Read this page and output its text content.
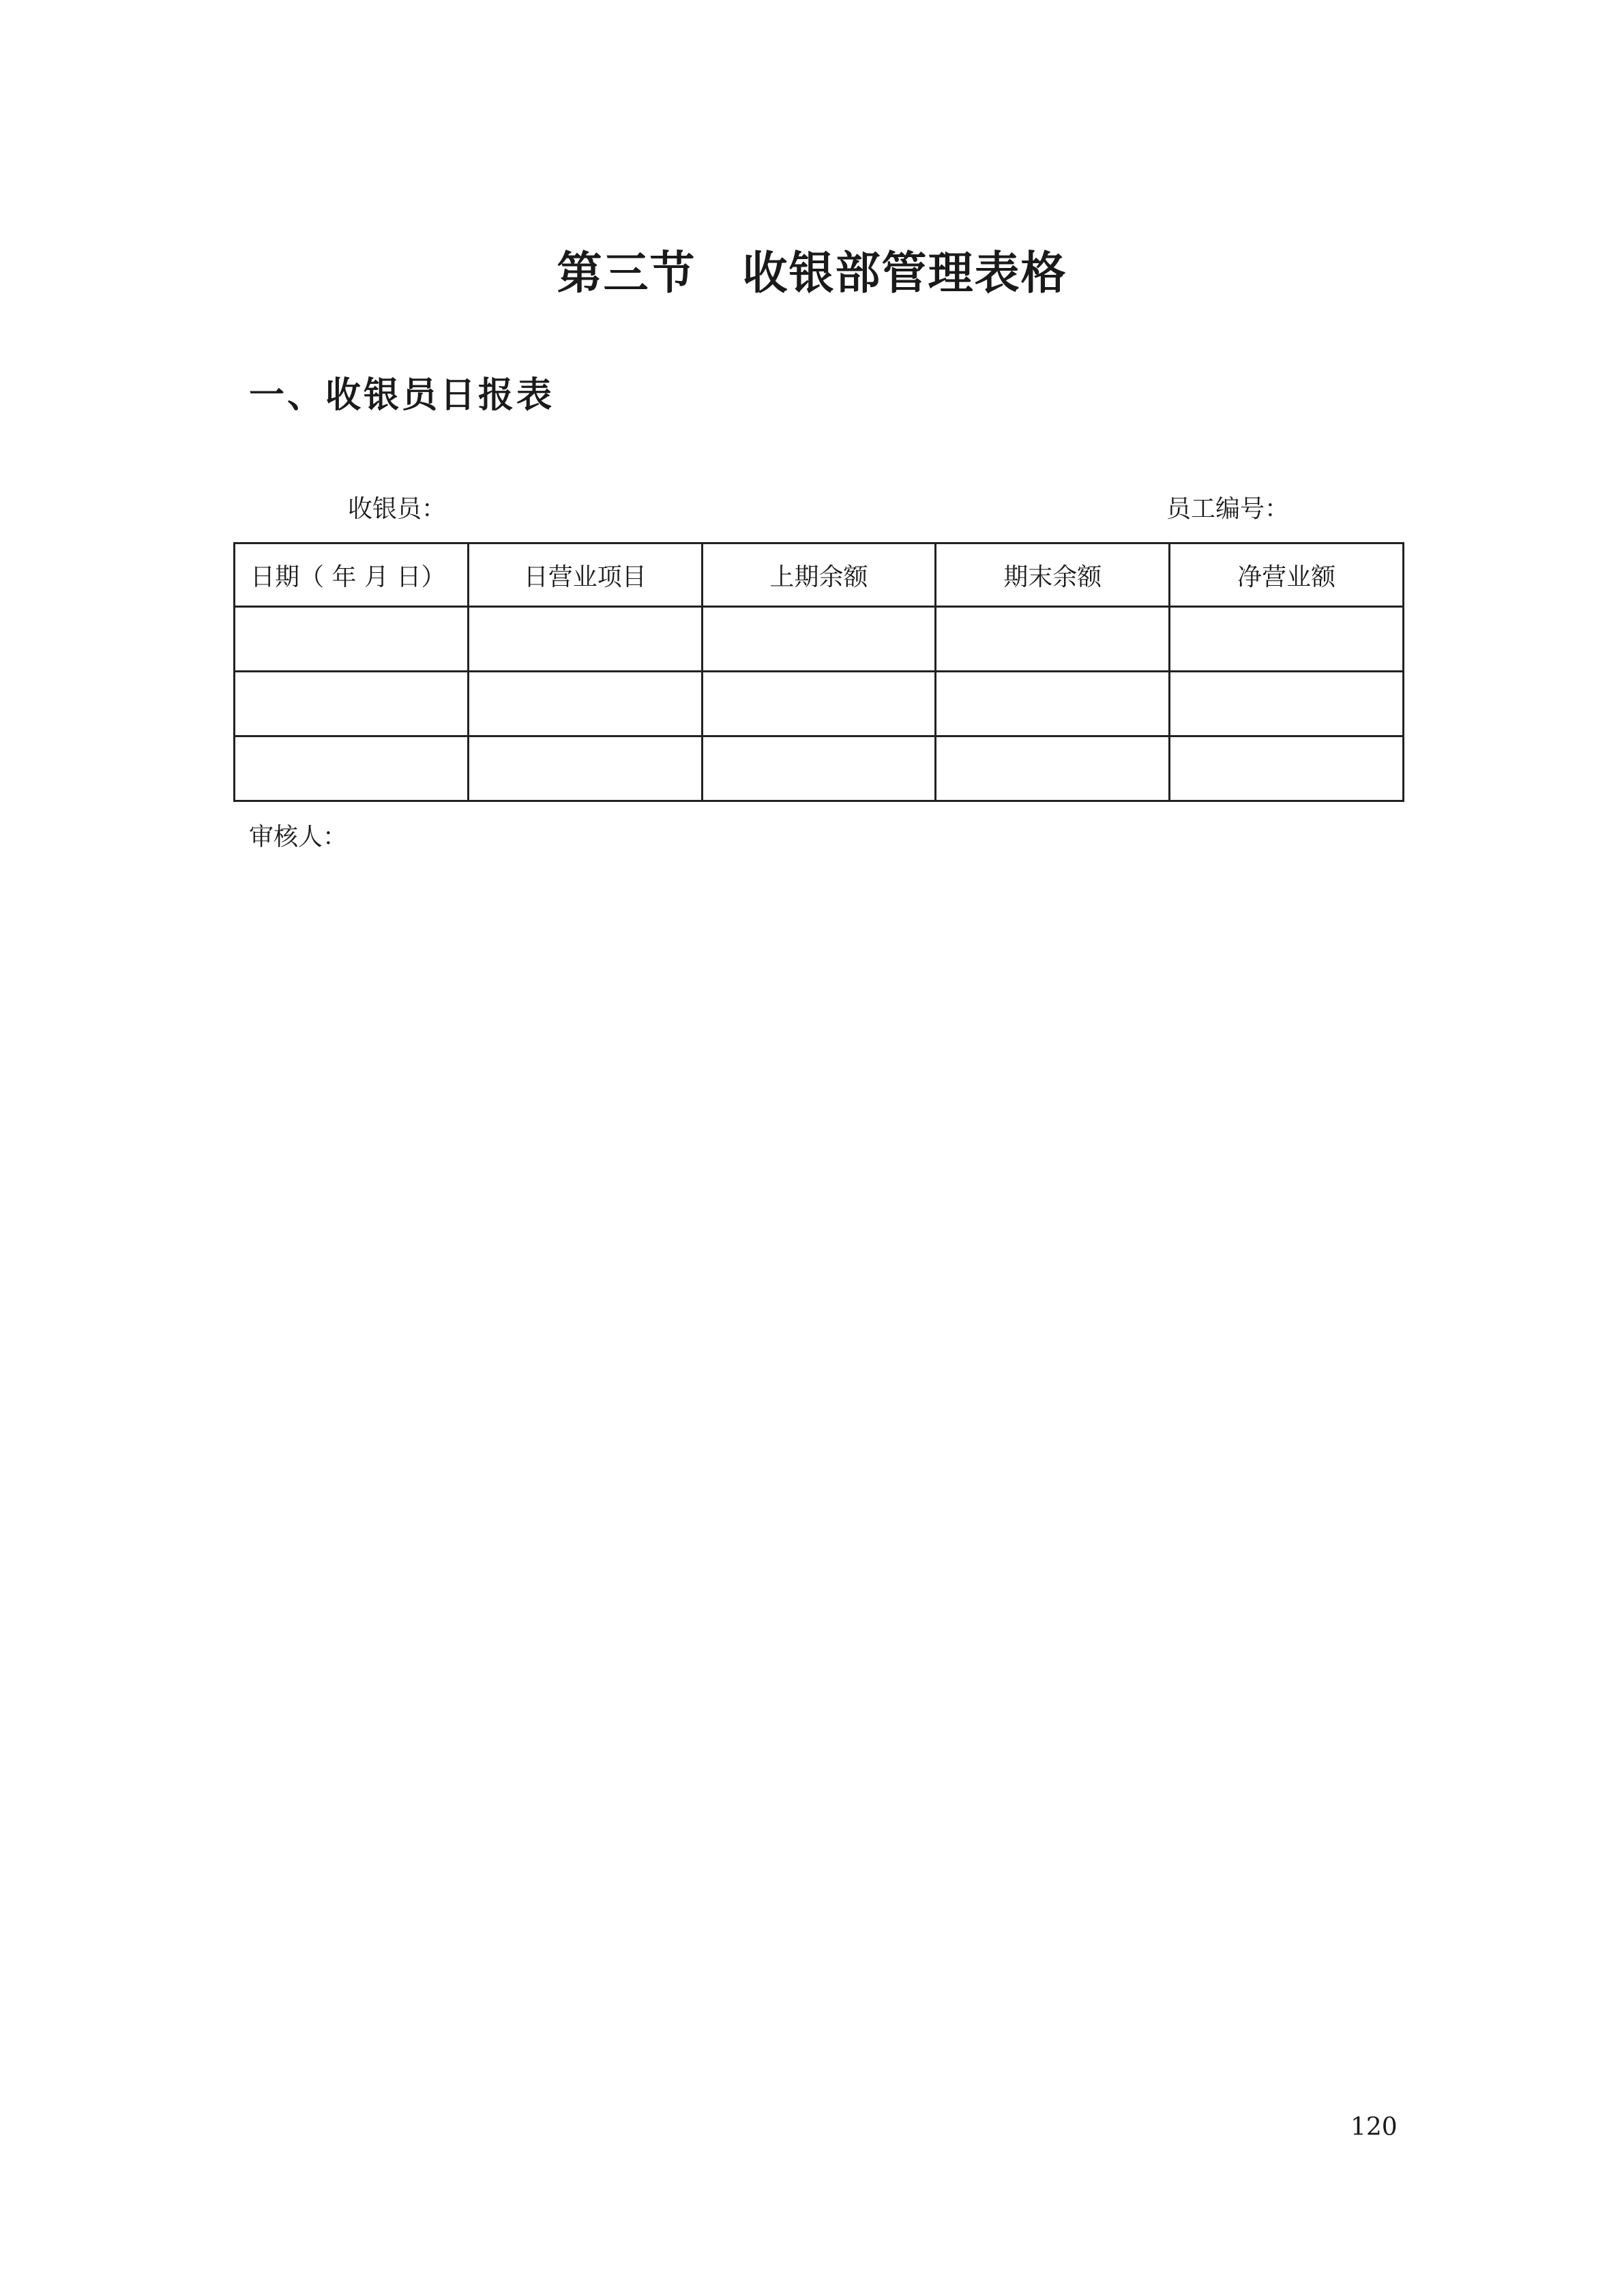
第三节　收银部管理表格
一、收银员日报表
收银员：	员工编号：
日期（ 年 月 日）	日营业项目	上期余额	期末余额	净营业额

审核人：
120
